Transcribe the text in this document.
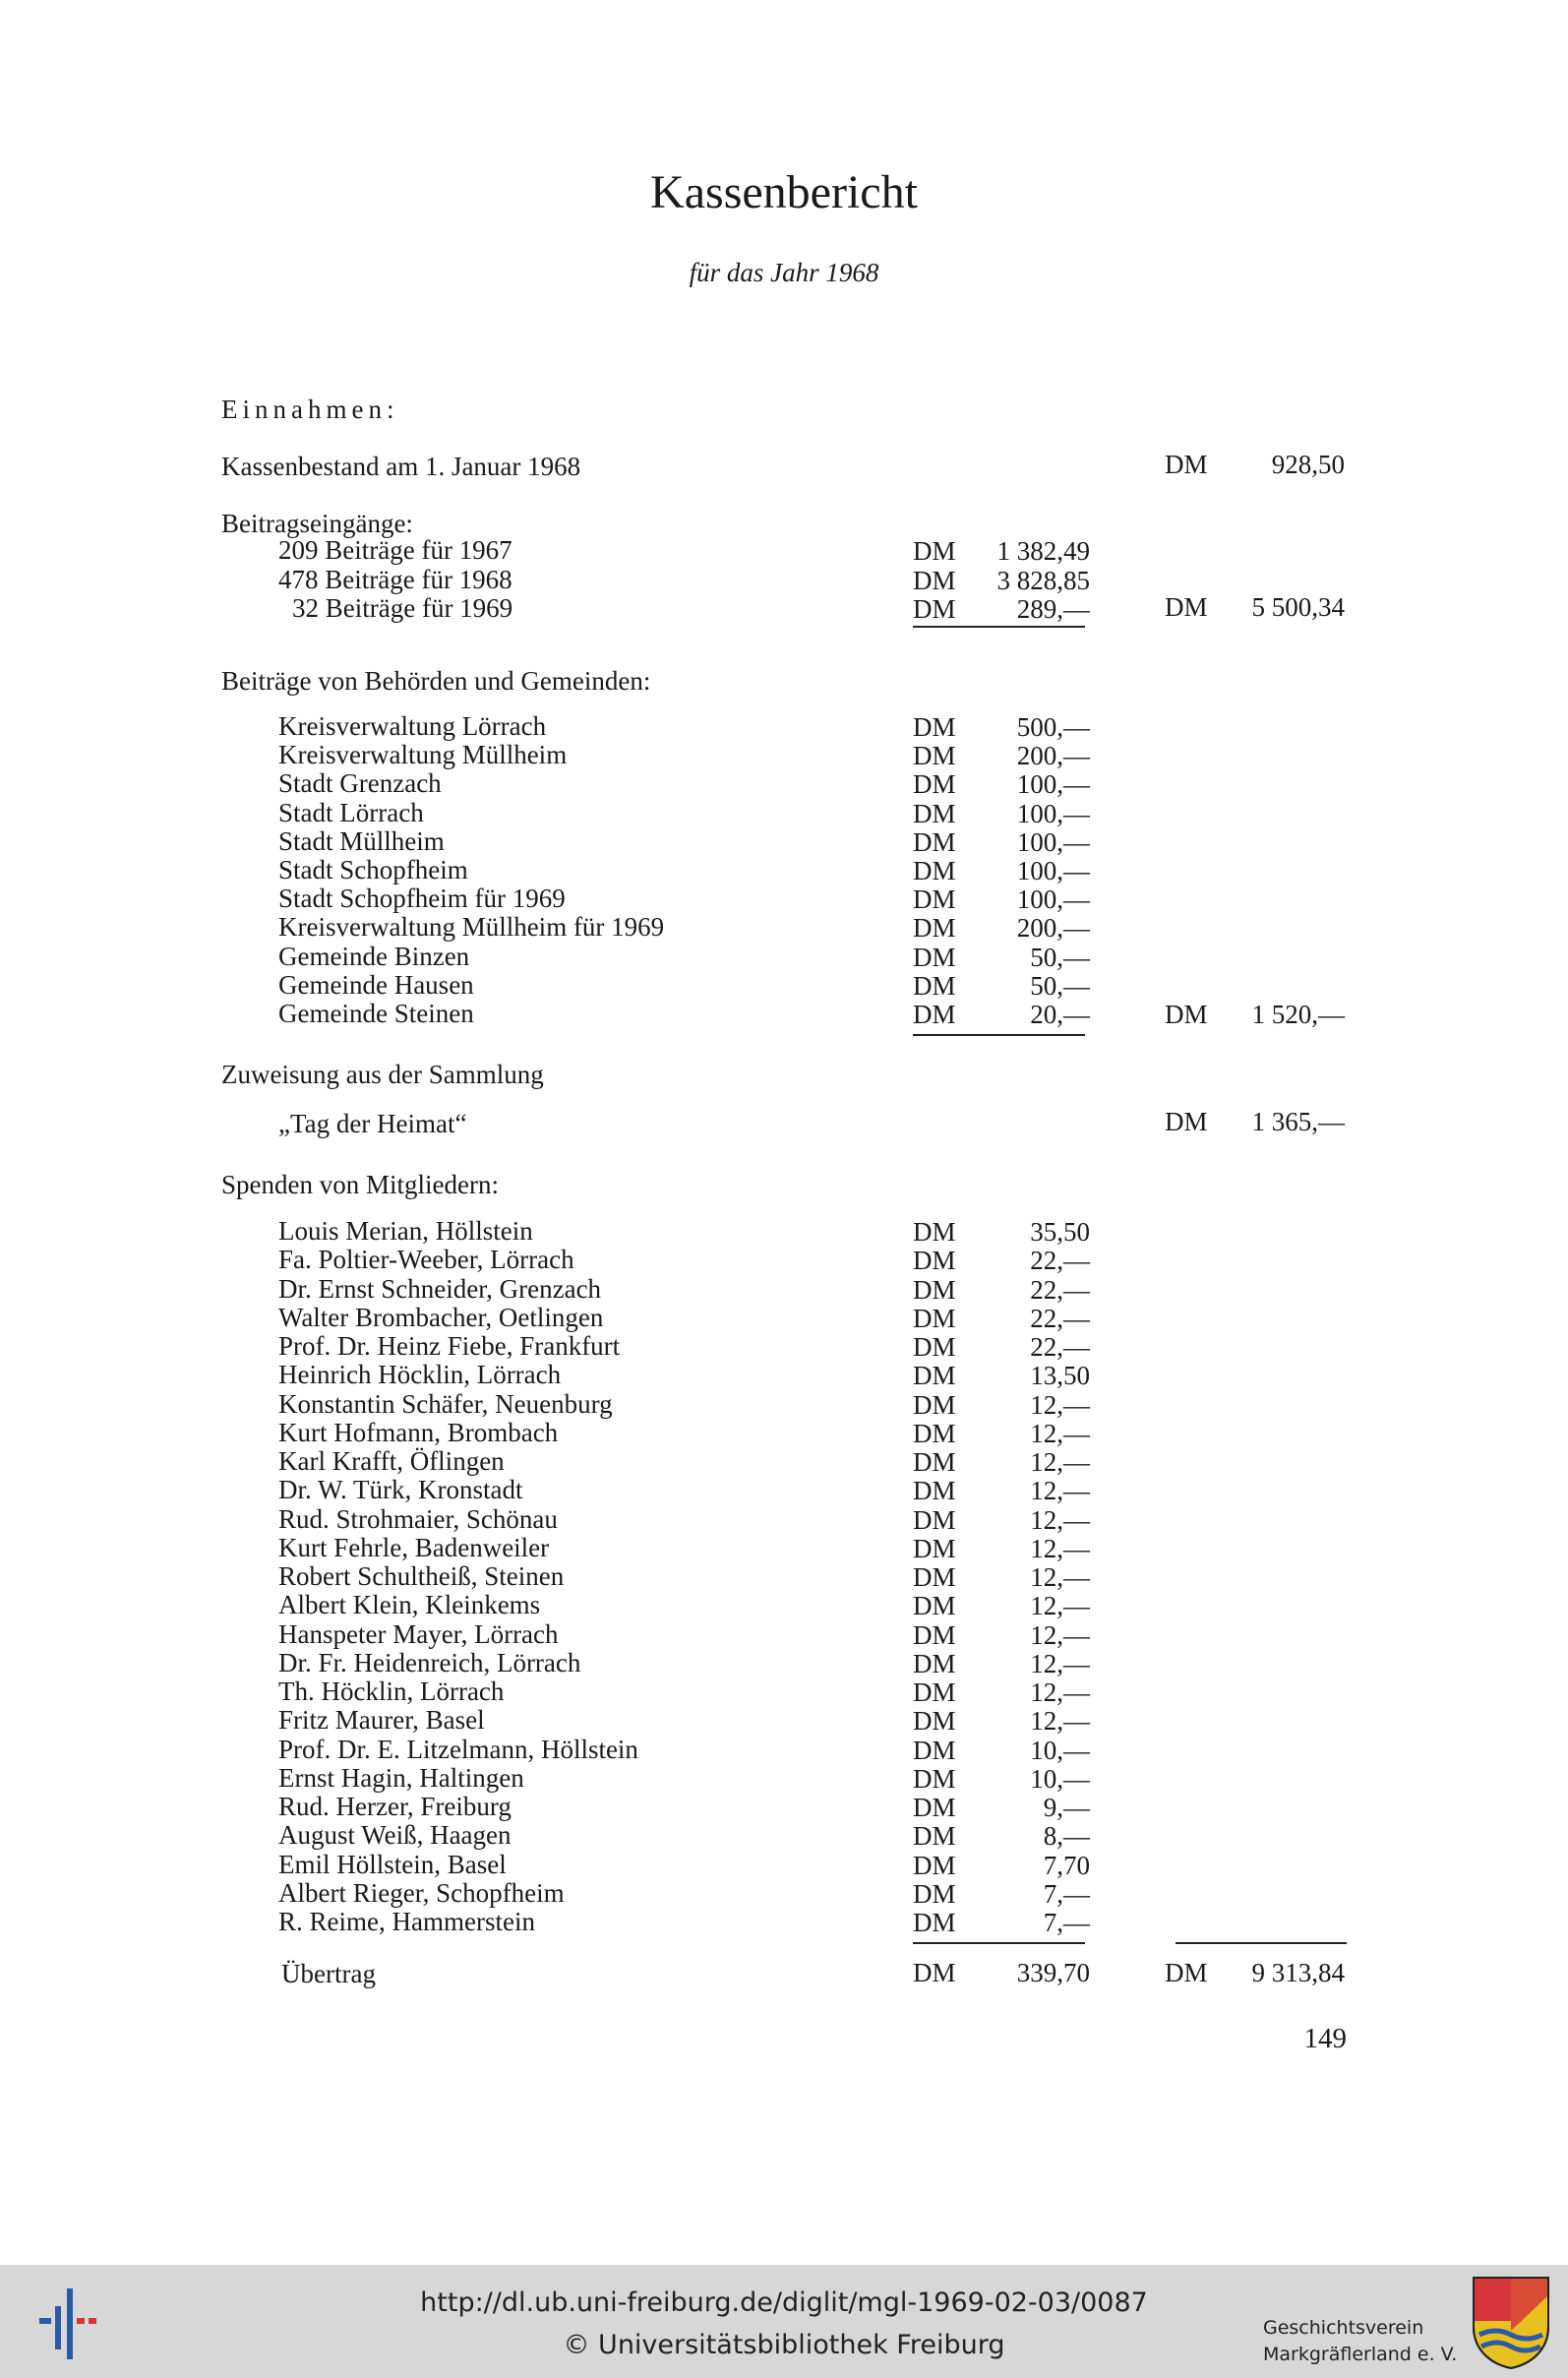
Kassenbericht
für das Jahr 1968
Einnahmen:
Kassenbestand am 1. Januar 1968	DM	928,50
Beitragseingänge:
209 Beiträge für 1967	DM	1 382,49
478 Beiträge für 1968	DM	3 828,85
32 Beiträge für 1969	DM	289,—	DM	5 500,34
Beiträge von Behörden und Gemeinden:
Kreisverwaltung Lörrach	DM	500,—
Kreisverwaltung Müllheim	DM	200,—
Stadt Grenzach	DM	100,—
Stadt Lörrach	DM	100,—
Stadt Müllheim	DM	100,—
Stadt Schopfheim	DM	100,—
Stadt Schopfheim für 1969	DM	100,—
Kreisverwaltung Müllheim für 1969	DM	200,—
Gemeinde Binzen	DM	50,—
Gemeinde Hausen	DM	50,—
Gemeinde Steinen	DM	20,—	DM	1 520,—
Zuweisung aus der Sammlung
„Tag der Heimat“	DM	1 365,—
Spenden von Mitgliedern:
Louis Merian, Höllstein	DM	35,50
Fa. Poltier-Weeber, Lörrach	DM	22,—
Dr. Ernst Schneider, Grenzach	DM	22,—
Walter Brombacher, Oetlingen	DM	22,—
Prof. Dr. Heinz Fiebe, Frankfurt	DM	22,—
Heinrich Höcklin, Lörrach	DM	13,50
Konstantin Schäfer, Neuenburg	DM	12,—
Kurt Hofmann, Brombach	DM	12,—
Karl Krafft, Öflingen	DM	12,—
Dr. W. Türk, Kronstadt	DM	12,—
Rud. Strohmaier, Schönau	DM	12,—
Kurt Fehrle, Badenweiler	DM	12,—
Robert Schultheiß, Steinen	DM	12,—
Albert Klein, Kleinkems	DM	12,—
Hanspeter Mayer, Lörrach	DM	12,—
Dr. Fr. Heidenreich, Lörrach	DM	12,—
Th. Höcklin, Lörrach	DM	12,—
Fritz Maurer, Basel	DM	12,—
Prof. Dr. E. Litzelmann, Höllstein	DM	10,—
Ernst Hagin, Haltingen	DM	10,—
Rud. Herzer, Freiburg	DM	9,—
August Weiß, Haagen	DM	8,—
Emil Höllstein, Basel	DM	7,70
Albert Rieger, Schopfheim	DM	7,—
R. Reime, Hammerstein	DM	7,—
Übertrag	DM	339,70	DM	9 313,84
149
http://dl.ub.uni-freiburg.de/diglit/mgl-1969-02-03/0087
© Universitätsbibliothek Freiburg
Geschichtsverein
Markgräflerland e. V.
